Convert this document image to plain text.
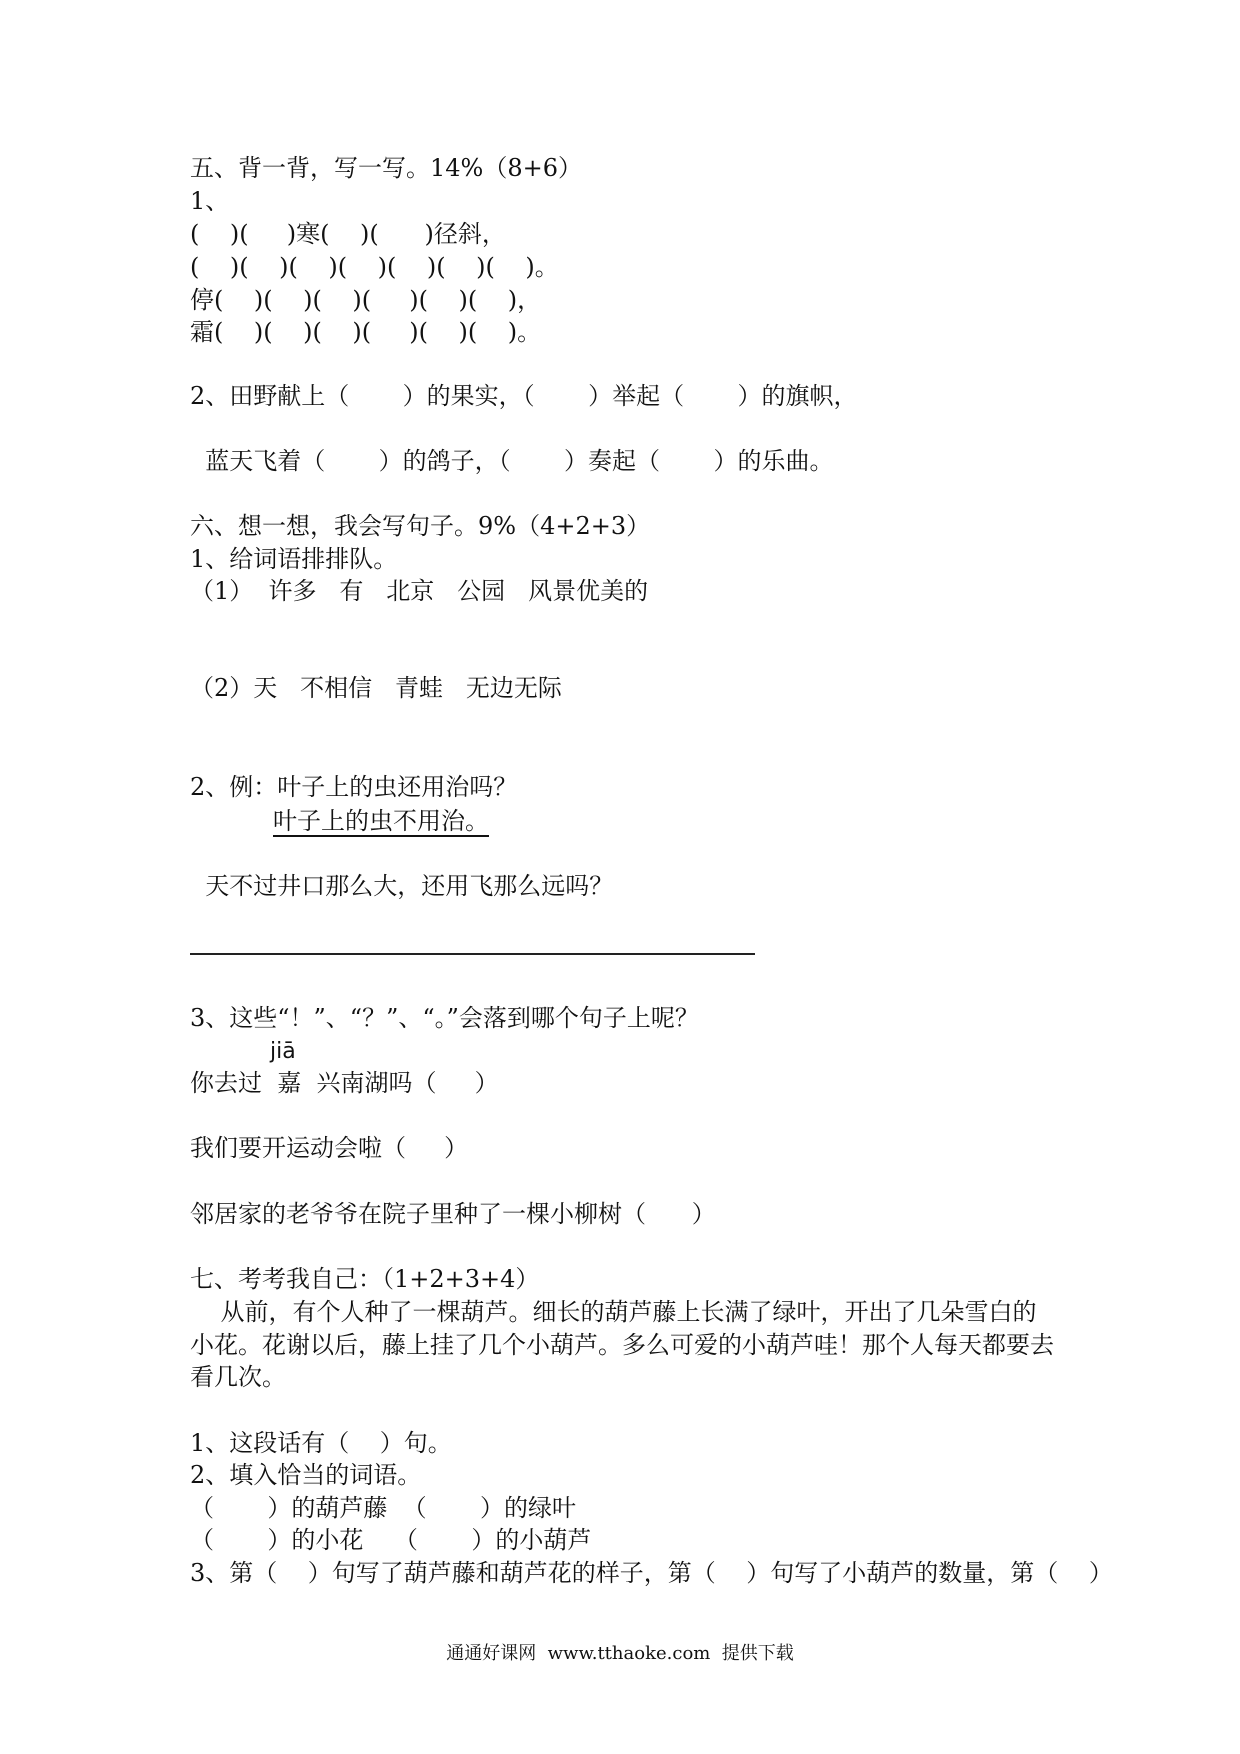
五、背一背，写一写。14%（8+6）
1、
(    )(     )寒(    )(      )径斜，
(    )(    )(    )(    )(    )(    )(    )。
停(    )(    )(    )(     )(    )(    )，
霜(    )(    )(    )(     )(    )(    )。
2、田野献上（       ）的果实，（       ）举起（       ）的旗帜，
蓝天飞着（       ）的鸽子，（       ）奏起（       ）的乐曲。
六、想一想，我会写句子。9%（4+2+3）
1、给词语排排队。
（1）  许多   有   北京   公园   风景优美的
（2）天   不相信   青蛙   无边无际
2、例：叶子上的虫还用治吗？
叶子上的虫不用治。
天不过井口那么大，还用飞那么远吗？
3、这些“！”、“？”、“。”会落到哪个句子上呢？
jiā
你去过  嘉  兴南湖吗（     ）
我们要开运动会啦（     ）
邻居家的老爷爷在院子里种了一棵小柳树（      ）
七、考考我自己：（1+2+3+4）
从前，有个人种了一棵葫芦。细长的葫芦藤上长满了绿叶，开出了几朵雪白的
小花。花谢以后，藤上挂了几个小葫芦。多么可爱的小葫芦哇！那个人每天都要去
看几次。
1、这段话有（    ）句。
2、填入恰当的词语。
（       ）的葫芦藤  （       ）的绿叶
（       ）的小花    （       ）的小葫芦
3、第（    ）句写了葫芦藤和葫芦花的样子，第（    ）句写了小葫芦的数量，第（    ）
通通好课网  www.tthaoke.com  提供下载
